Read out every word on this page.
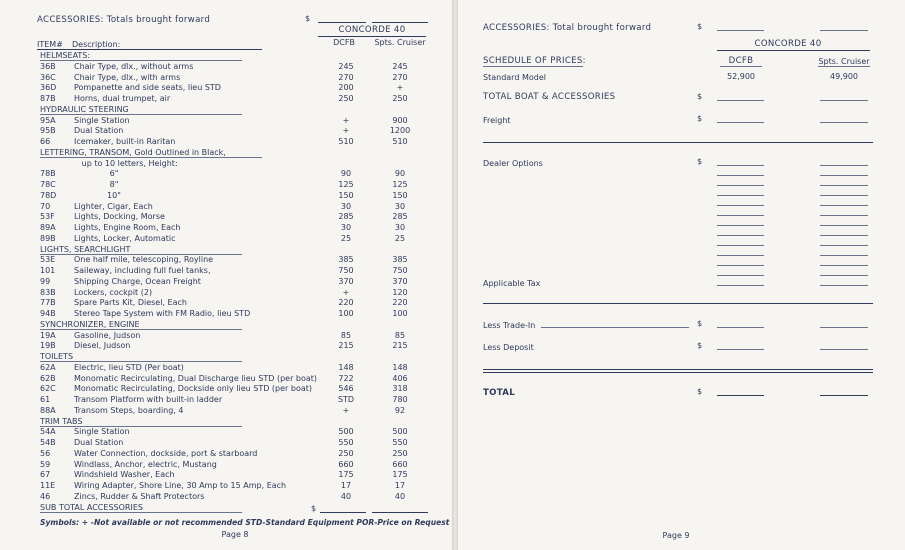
ACCESSORIES: Totals brought forward	$
CONCORDE 40
ITEM# Description:	DCFB	Spts. Cruiser
$
Symbols: + -Not available or not recommended STD-Standard Equipment POR-Price on Request
Page 8
HELMSEATS:
36B Chair Type, dlx., without arms	245	245
36C Chair Type, dlx., with arms	270	270
36D Pompanette and side seats, lieu STD	200	+
87B Horns, dual trumpet, air	250	250
HYDRAULIC STEERING
95A Single Station	+	900
95B Dual Station	+	1200
66	Icemaker, built-in Raritan	510	510
LETTERING, TRANSOM, Gold Outlined in Black,
up to 10 letters, Height:
78B 6"	90	90
78C 8"	125	125
78D 10"	150	150
70	Lighter, Cigar, Each	30	30
53F Lights, Docking, Morse	285	285
89A Lights, Engine Room, Each	30	30
89B Lights, Locker, Automatic	25	25
LIGHTS, SEARCHLIGHT
53E One half mile, telescoping, Royline	385	385
101 Saileway, including full fuel tanks,	750	750
99	Shipping Charge, Ocean Freight	370	370
83B Lockers, cockpit (2)	+	120
77B Spare Parts Kit, Diesel, Each	220	220
94B Stereo Tape System with FM Radio, lieu STD	100	100
SYNCHRONIZER, ENGINE
19A Gasoline, Judson	85	85
19B Diesel, Judson	215	215
TOILETS
62A Electric, lieu STD (Per boat)	148	148
62B Monomatic Recirculating, Dual Discharge lieu STD (per boat)	722	406
62C Monomatic Recirculating, Dockside only lieu STD (per boat)	546	318
61	Transom Platform with built-in ladder	STD	780
88A Transom Steps, boarding, 4	+	92
TRIM TABS
54A Single Station	500	500
54B Dual Station	550	550
56	Water Connection, dockside, port & starboard	250	250
59	Windlass, Anchor, electric, Mustang	660	660
67	Windshield Washer, Each	175	175
11E Wiring Adapter, Shore Line, 30 Amp to 15 Amp, Each	17	17
46	Zincs, Rudder & Shaft Protectors	40	40
SUB TOTAL ACCESSORIES
ACCESSORIES: Total brought forward	$
CONCORDE 40
SCHEDULE OF PRICES:	DCFB	Spts. Cruiser
Standard Model	52,900	49,900
TOTAL BOAT & ACCESSORIES	$
Freight	$
Dealer Options	$
Applicable Tax
Less Trade-In	$
Less Deposit	$
TOTAL	$
Page 9
